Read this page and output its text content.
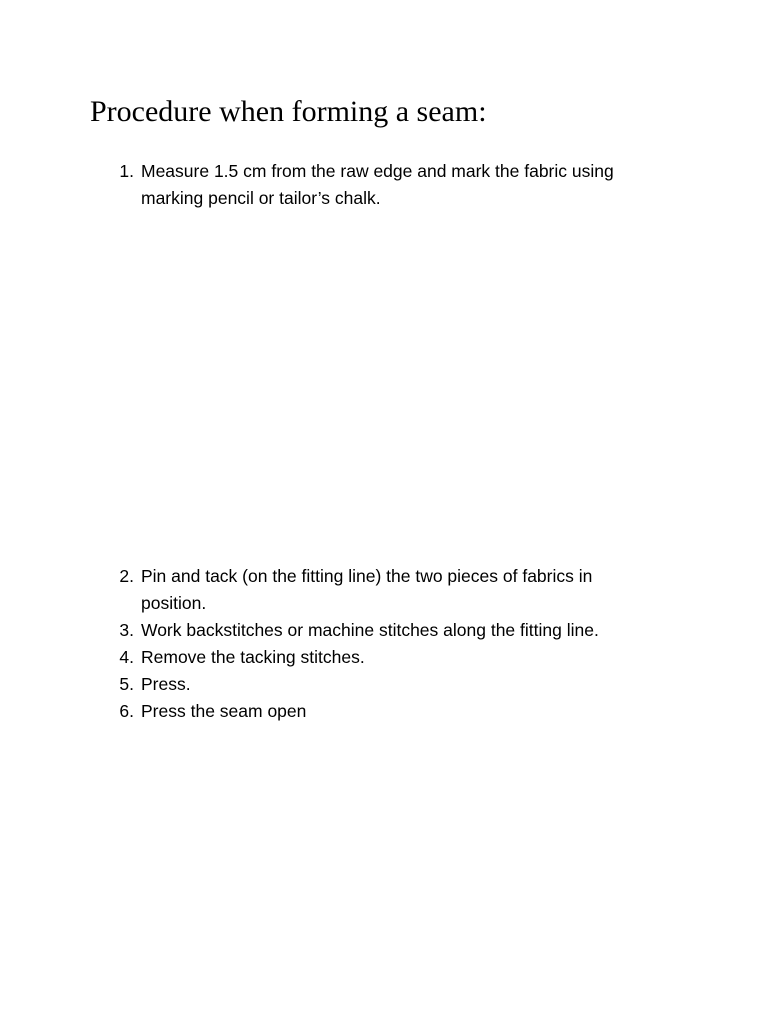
Procedure when forming a seam:
1 . Measure 1.5 cm from the raw edge and mark the fabric using marking pencil or tailor’s chalk.
2 . Pin and tack (on the fitting line) the two pieces of fabrics in position.
3 . Work backstitches or machine stitches along the fitting line.
4 . Remove the tacking stitches.
5 . Press.
6 . Press the seam open
